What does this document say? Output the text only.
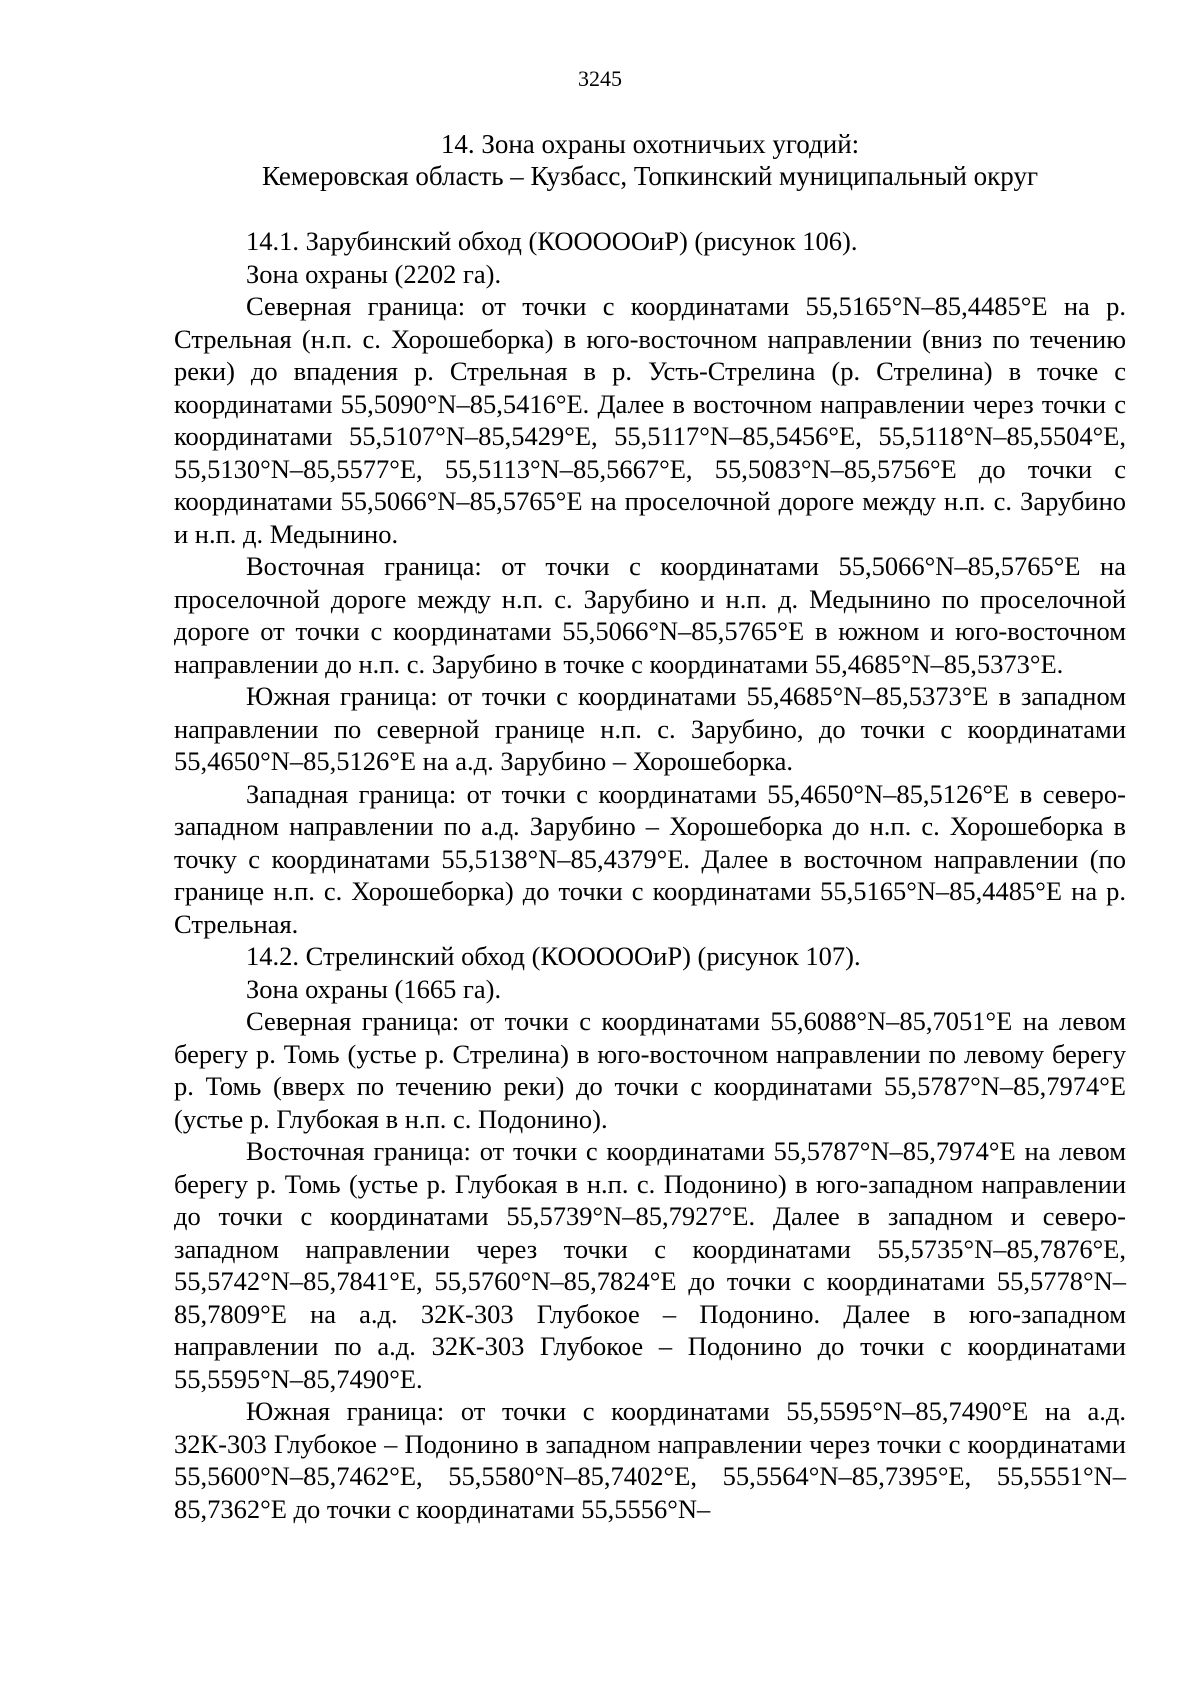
3245
14. Зона охраны охотничьих угодий:
Кемеровская область – Кузбасс, Топкинский муниципальный округ

14.1. Зарубинский обход (КОООООиР) (рисунок 106).

Зона охраны (2202 га).

Северная граница: от точки с координатами 55,5165°N–85,4485°E на р. Стрельная (н.п. с. Хорошеборка) в юго-восточном направлении (вниз по течению реки) до впадения р. Стрельная в р. Усть-Стрелина (р. Стрелина) в точке с координатами 55,5090°N–85,5416°E. Далее в восточном направлении через точки с координатами 55,5107°N–85,5429°E, 55,5117°N–85,5456°E, 55,5118°N–85,5504°E, 55,5130°N–85,5577°E, 55,5113°N–85,5667°E, 55,5083°N–85,5756°E до точки с координатами 55,5066°N–85,5765°E на проселочной дороге между н.п. с. Зарубино и н.п. д. Медынино.

Восточная граница: от точки с координатами 55,5066°N–85,5765°E на проселочной дороге между н.п. с. Зарубино и н.п. д. Медынино по проселочной дороге от точки с координатами 55,5066°N–85,5765°E в южном и юго-восточном направлении до н.п. с. Зарубино в точке с координатами 55,4685°N–85,5373°E.

Южная граница: от точки с координатами 55,4685°N–85,5373°E в западном направлении по северной границе н.п. с. Зарубино, до точки с координатами 55,4650°N–85,5126°E на а.д. Зарубино – Хорошеборка.

Западная граница: от точки с координатами 55,4650°N–85,5126°E в северо-западном направлении по а.д. Зарубино – Хорошеборка до н.п. с. Хорошеборка в точку с координатами 55,5138°N–85,4379°E. Далее в восточном направлении (по границе н.п. с. Хорошеборка) до точки с координатами 55,5165°N–85,4485°E на р. Стрельная.

14.2. Стрелинский обход (КОООООиР) (рисунок 107).

Зона охраны (1665 га).

Северная граница: от точки с координатами 55,6088°N–85,7051°E на левом берегу р. Томь (устье р. Стрелина) в юго-восточном направлении по левому берегу р. Томь (вверх по течению реки) до точки с координатами 55,5787°N–85,7974°E (устье р. Глубокая в н.п. с. Подонино).

Восточная граница: от точки с координатами 55,5787°N–85,7974°E на левом берегу р. Томь (устье р. Глубокая в н.п. с. Подонино) в юго-западном направлении до точки с координатами 55,5739°N–85,7927°E. Далее в западном и северо-западном направлении через точки с координатами 55,5735°N–85,7876°E, 55,5742°N–85,7841°E, 55,5760°N–85,7824°E до точки с координатами 55,5778°N–85,7809°E на а.д. 32К-303 Глубокое – Подонино. Далее в юго-западном направлении по а.д. 32К-303 Глубокое – Подонино до точки с координатами 55,5595°N–85,7490°E.

Южная граница: от точки с координатами 55,5595°N–85,7490°E на а.д. 32К-303 Глубокое – Подонино в западном направлении через точки с координатами 55,5600°N–85,7462°E, 55,5580°N–85,7402°E, 55,5564°N–85,7395°E, 55,5551°N–85,7362°E до точки с координатами 55,5556°N–
